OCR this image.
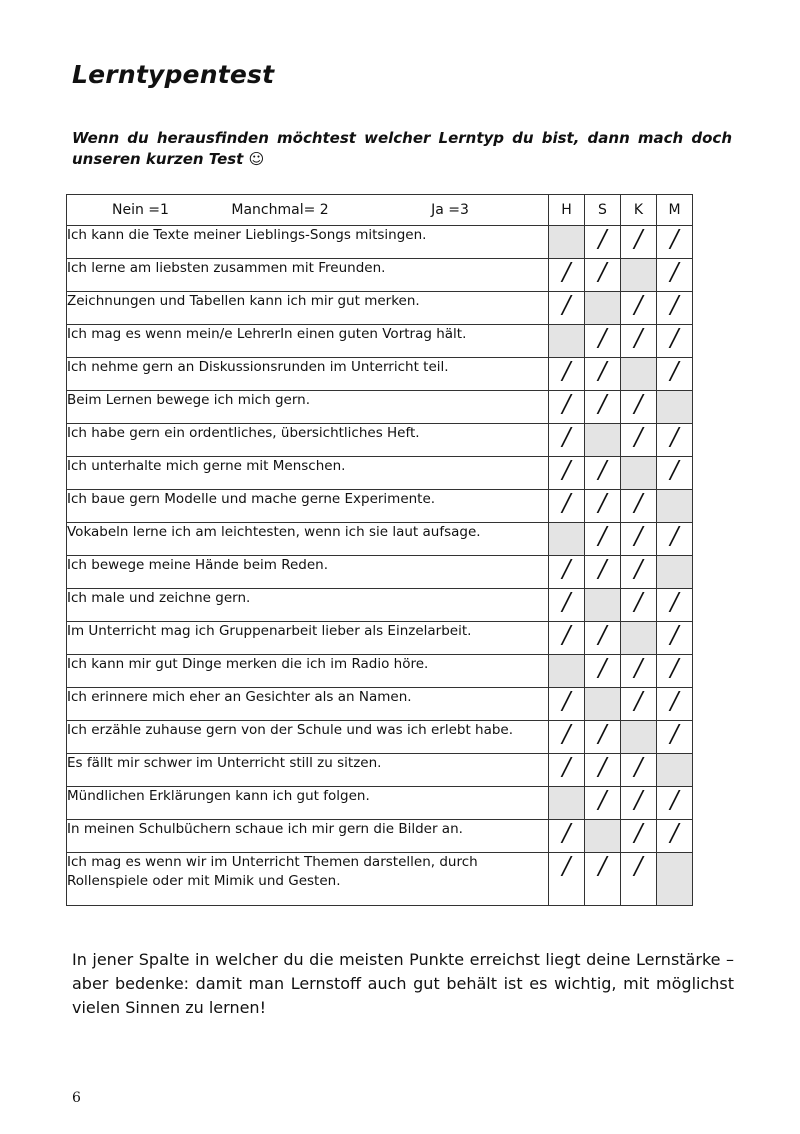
Lerntypentest

Wenn du herausfinden möchtest welcher Lerntyp du bist, dann mach doch unseren kurzen Test ☺

Nein =1 Manchmal= 2 Ja =3	H	S	K	M
Ich kann die Texte meiner Lieblings-Songs mitsingen.		/	/	/
Ich lerne am liebsten zusammen mit Freunden.	/	/		/
Zeichnungen und Tabellen kann ich mir gut merken.	/		/	/
Ich mag es wenn mein/e LehrerIn einen guten Vortrag hält.		/	/	/
Ich nehme gern an Diskussionsrunden im Unterricht teil.	/	/		/
Beim Lernen bewege ich mich gern.	/	/	/	
Ich habe gern ein ordentliches, übersichtliches Heft.	/		/	/
Ich unterhalte mich gerne mit Menschen.	/	/		/
Ich baue gern Modelle und mache gerne Experimente.	/	/	/	
Vokabeln lerne ich am leichtesten, wenn ich sie laut aufsage.		/	/	/
Ich bewege meine Hände beim Reden.	/	/	/	
Ich male und zeichne gern.	/		/	/
Im Unterricht mag ich Gruppenarbeit lieber als Einzelarbeit.	/	/		/
Ich kann mir gut Dinge merken die ich im Radio höre.		/	/	/
Ich erinnere mich eher an Gesichter als an Namen.	/		/	/
Ich erzähle zuhause gern von der Schule und was ich erlebt habe.	/	/		/
Es fällt mir schwer im Unterricht still zu sitzen.	/	/	/	
Mündlichen Erklärungen kann ich gut folgen.		/	/	/
In meinen Schulbüchern schaue ich mir gern die Bilder an.	/		/	/
Ich mag es wenn wir im Unterricht Themen darstellen, durch Rollenspiele oder mit Mimik und Gesten.	/	/	/	

In jener Spalte in welcher du die meisten Punkte erreichst liegt deine Lernstärke – aber bedenke: damit man Lernstoff auch gut behält ist es wichtig, mit möglichst vielen Sinnen zu lernen!

6
